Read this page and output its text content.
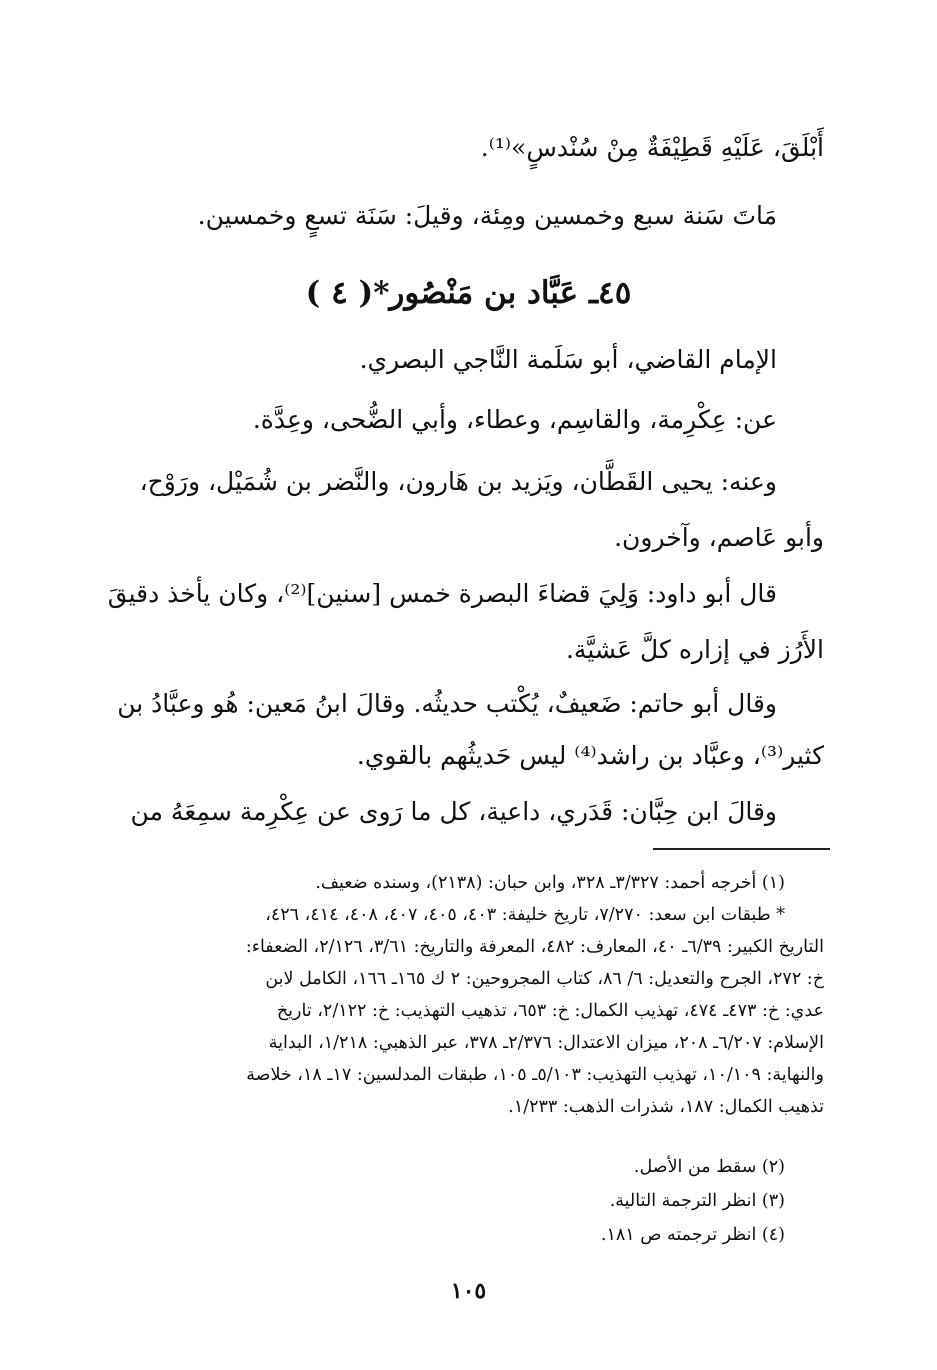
أَبْلَقَ، عَلَيْهِ قَطِيْفَةٌ مِنْ سُنْدسٍ»⁽¹⁾.
مَاتَ سَنة سبع وخمسين ومِئة، وقيلَ: سَنَة تسعٍ وخمسين.
٤٥ـ عَبَّاد بن مَنْصُور*( ٤ )
الإمام القاضي، أبو سَلَمة النَّاجي البصري.
عن: عِكْرِمة، والقاسِم، وعطاء، وأبي الضُّحى، وعِدَّة.
وعنه: يحيى القَطَّان، ويَزيد بن هَارون، والنَّضر بن شُمَيْل، ورَوْح،
وأبو عَاصم، وآخرون.
قال أبو داود: وَلِيَ قضاءَ البصرة خمس [سنين]⁽²⁾، وكان يأخذ دقيقَ
الأَرُز في إزاره كلَّ عَشيَّة.
وقال أبو حاتم: ضَعيفٌ، يُكْتب حديثُه. وقالَ ابنُ مَعين: هُو وعبَّادُ بن
كثير⁽³⁾، وعبَّاد بن راشد⁽⁴⁾ ليس حَديثُهم بالقوي.
وقالَ ابن حِبَّان: قَدَري، داعية، كل ما رَوى عن عِكْرِمة سمِعَهُ من
(١) أخرجه أحمد: ٣/٣٢٧ـ ٣٢٨، وابن حبان: (٢١٣٨)، وسنده ضعيف.
* طبقات ابن سعد: ٧/٢٧٠، تاريخ خليفة: ٤٠٣، ٤٠٥، ٤٠٧، ٤٠٨، ٤١٤، ٤٢٦،
التاريخ الكبير: ٦/٣٩ـ ٤٠، المعارف: ٤٨٢، المعرفة والتاريخ: ٣/٦١، ٢/١٢٦، الضعفاء:
خ: ٢٧٢، الجرح والتعديل: ٦/ ٨٦، كتاب المجروحين: ٢ ك ١٦٥ـ ١٦٦، الكامل لابن
عدي: خ: ٤٧٣ـ ٤٧٤، تهذيب الكمال: خ: ٦٥٣، تذهيب التهذيب: خ: ٢/١٢٢، تاريخ
الإسلام: ٦/٢٠٧ـ ٢٠٨، ميزان الاعتدال: ٢/٣٧٦ـ ٣٧٨، عبر الذهبي: ١/٢١٨، البداية
والنهاية: ١٠/١٠٩، تهذيب التهذيب: ٥/١٠٣ـ ١٠٥، طبقات المدلسين: ١٧ـ ١٨، خلاصة
تذهيب الكمال: ١٨٧، شذرات الذهب: ١/٢٣٣.
(٢) سقط من الأصل.
(٣) انظر الترجمة التالية.
(٤) انظر ترجمته ص ١٨١.
١٠٥
